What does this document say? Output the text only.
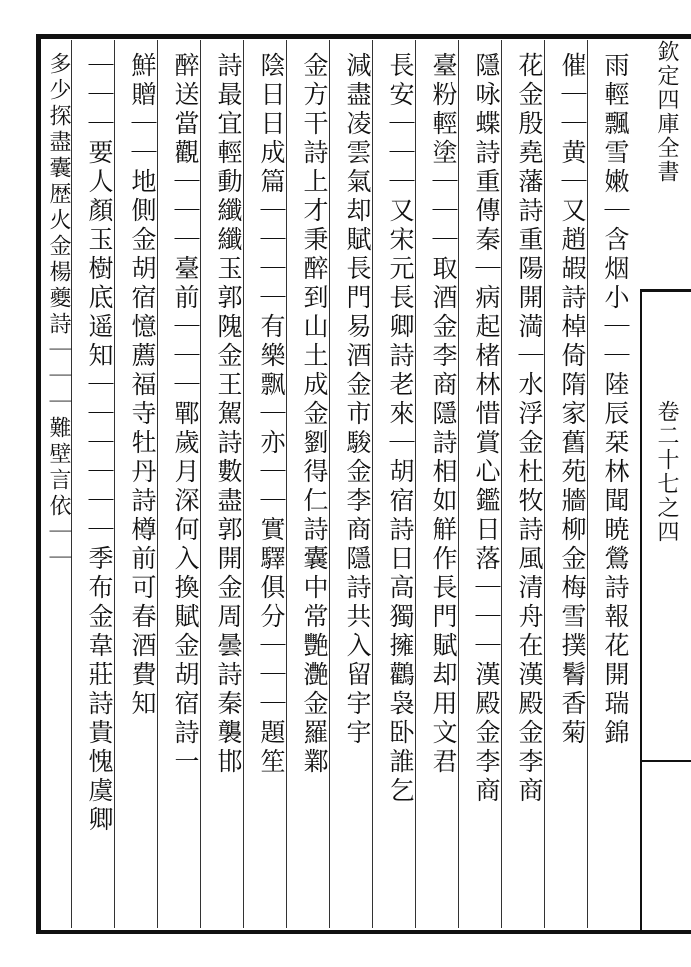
欽定四庫全書
卷二十七之四
雨輕飄雪嫩｜含烟小｜｜陸辰栞林聞暁鶯詩報花開瑞錦
催｜｜黄｜又趙嘏詩棹倚隋家舊苑牆柳金梅雪撲鬌香菊
花金殷堯藩詩重陽開満｜水浮金杜牧詩風清舟在漢殿金李商
隱咏蝶詩重傳秦｜病起楮林惜賞心鑑日落｜｜｜漢殿金李商
臺粉輕塗｜｜｜取酒金李商隱詩相如觧作長門賦却用文君
長安｜｜｜又宋元長卿詩老來｜胡宿詩日高獨擁鸛袅卧誰乞
減盡凌雲氣却賦長門易酒金市駿金李商隱詩共入留宇宇
金方干詩上才秉醉到山土成金劉得仁詩囊中常艷灔金羅鄴
陰日日成篇｜｜｜｜有樂飘｜亦｜｜實驛俱分｜｜｜題笙
詩最宜輕動纖纖玉郭隗金王駕詩數盡郭開金周曇詩秦襲邯
醉送當觀｜｜｜臺前｜｜｜鄲歲月深何入換賦金胡宿詩一
鮮贈｜｜地側金胡宿憶薦福寺牡丹詩樽前可春酒費知
｜｜｜要人顏玉樹底遥知｜｜｜｜｜｜季布金韋莊詩貴愧虞卿
多少探盡囊歴火金楊夔詩｜｜｜難壁言依｜｜
